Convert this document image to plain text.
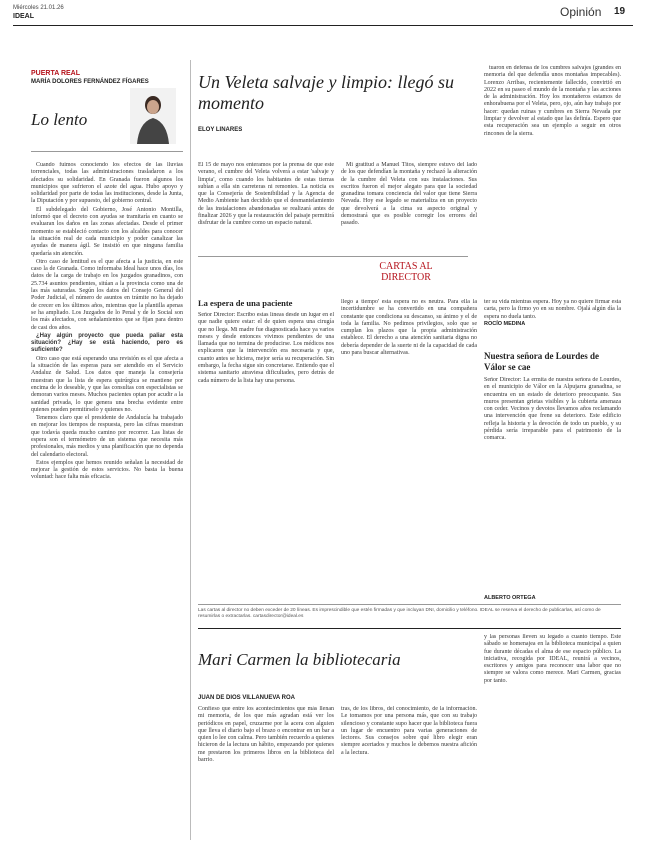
Miércoles 21.01.26
IDEAL	Opinión 19
PUERTA REAL
MARÍA DOLORES FERNÁNDEZ FÍGARES
Lo lento

Cuando fuimos conociendo los efectos de las lluvias torrenciales, todas las administraciones trasladaron a los afectados su solidaridad. En Granada fueron algunos los municipios que sufrieron el azote del agua. Hubo apoyo y solidaridad por parte de todas las instituciones, desde la Junta, la Diputación y por supuesto, del gobierno central.

El subdelegado del Gobierno, José Antonio Montilla, informó que el decreto con ayudas se tramitaría en cuanto se evaluaran los daños en las zonas afectadas. Desde el primer momento se estableció contacto con los alcaldes para conocer la situación real de cada municipio y poder canalizar las ayudas de manera ágil. Se insistió en que ninguna familia quedaría sin atención.

Otro caso de lentitud es el que afecta a la justicia, en este caso la de Granada. Como informaba Ideal hace unos días, los datos de la carga de trabajo en los juzgados granadinos, con 25.734 asuntos pendientes, sitúan a la provincia como una de las más saturadas. Según los datos del Consejo General del Poder Judicial, el número de asuntos en trámite no ha dejado de crecer en los últimos años, mientras que la plantilla apenas se ha ampliado. Los Juzgados de lo Penal y de lo Social son los más afectados, con señalamientos que se fijan para dentro de casi dos años.

¿Hay algún proyecto que pueda paliar esta situación? ¿Hay se está haciendo, pero es suficiente?

Otro caso que está esperando una revisión es el que afecta a la situación de las esperas para ser atendido en el Servicio Andaluz de Salud. Los datos que maneja la consejería muestran que la lista de espera quirúrgica se mantiene por encima de lo deseable, y que las consultas con especialistas se demoran varios meses. Muchos pacientes optan por acudir a la sanidad privada, lo que genera una brecha evidente entre quienes pueden permitírselo y quienes no.

Tenemos claro que el presidente de Andalucía ha trabajado en mejorar los tiempos de respuesta, pero las cifras muestran que todavía queda mucho camino por recorrer. Las listas de espera son el termómetro de un sistema que necesita más profesionales, más medios y una planificación que no dependa del calendario electoral.

Estos ejemplos que hemos reunido señalan la necesidad de mejorar la gestión de estos servicios. No basta la buena voluntad: hace falta más eficacia.

Un Veleta salvaje y limpio: llegó su momento
ELOY LINARES

El 15 de mayo nos enteramos por la prensa de que este verano, el cumbre del Veleta volverá a estar 'salvaje y limpia', como cuando los habitantes de estas tierras subían a ella sin carreteras ni remontes. La noticia es que la Consejería de Sostenibilidad y la Agencia de Medio Ambiente han decidido que el desmantelamiento de las instalaciones abandonadas se realizará antes de finalizar 2026 y que la restauración del paisaje permitirá disfrutar de la cumbre como un espacio natural.

Mi gratitud a Manuel Titos, siempre estuvo del lado de los que defendían la montaña y rechazó la alteración de la cumbre del Veleta con sus instalaciones. Sus escritos fueron el mejor alegato para que la sociedad granadina tomara conciencia del valor que tiene Sierra Nevada. Hoy ese legado se materializa en un proyecto que devolverá a la cima su aspecto original y demostrará que es posible corregir los errores del pasado.

tuaron en defensa de los cumbres salvajes (grandes en memoria del que defendía unos montañas impecables). Lorenzo Arribas, recientemente fallecido, convirtió en 2022 en su paseo el mundo de la montaña y las acciones de la administración. Hoy los montañeros estamos de enhorabuena por el Veleta, pero, ojo, aún hay trabajo por hacer: quedan ruinas y cumbres en Sierra Nevada por limpiar y devolver al estado que las definía. Espero que esta recuperación sea un ejemplo a seguir en otros rincones de la sierra.

CARTAS AL
DIRECTOR
La espera de una paciente

Señor Director: Escribo estas líneas desde un lugar en el que nadie quiere estar: el de quien espera una cirugía que no llega. Mi madre fue diagnosticada hace ya varios meses y desde entonces vivimos pendientes de una llamada que no termina de producirse. Los médicos nos explicaron que la intervención era necesaria y que, cuanto antes se hiciera, mejor sería su recuperación. Sin embargo, la fecha sigue sin concretarse. Entiendo que el sistema sanitario atraviesa dificultades, pero detrás de cada número de la lista hay una persona.

llego a tiempo' esta espera no es neutra. Para ella la incertidumbre se ha convertido en una compañera constante que condiciona su descanso, su ánimo y el de toda la familia. No pedimos privilegios, solo que se cumplan los plazos que la propia administración establece. El derecho a una atención sanitaria digna no debería depender de la suerte ni de la capacidad de cada uno para buscar alternativas.

ter su vida mientras espera. Hoy ya no quiere firmar esta carta, pero la firmo yo en su nombre. Ojalá algún día la espera no duela tanto.

ROCÍO MEDINA
Nuestra señora de Lourdes de Válor se cae

Señor Director: La ermita de nuestra señora de Lourdes, en el municipio de Válor en la Alpujarra granadina, se encuentra en un estado de deterioro preocupante. Sus muros presentan grietas visibles y la cubierta amenaza con ceder. Vecinos y devotos llevamos años reclamando una intervención que frene su deterioro. Este edificio refleja la historia y la devoción de todo un pueblo, y su pérdida sería irreparable para el patrimonio de la comarca.

ALBERTO ORTEGA
Las cartas al director no deben exceder de 20 líneas. Es imprescindible que estén firmadas y que incluyan DNI, domicilio y teléfono. IDEAL se reserva el derecho de publicarlas, así como de resumirlas o extractarlas. cartasdirector@ideal.es
Mari Carmen la bibliotecaria
JUAN DE DIOS VILLANUEVA ROA

Confieso que entre los acontecimientos que más llenan mi memoria, de los que más agradan está ver los periódicos en papel, cruzarme por la acera con alguien que lleva el diario bajo el brazo o encontrar en un bar a quien lo lee con calma. Pero también recuerdo a quienes hicieron de la lectura un hábito, empezando por quienes me prestaron los primeros libros en la biblioteca del barrio.

tras, de los libros, del conocimiento, de la información. Le tomamos por una persona más, que con su trabajo silencioso y constante supo hacer que la biblioteca fuera un lugar de encuentro para varias generaciones de lectores. Sus consejos sobre qué libro elegir eran siempre acertados y muchos le debemos nuestra afición a la lectura.

y las personas lleven su legado a cuanto tiempo. Este sábado se homenajea en la biblioteca municipal a quien fue durante décadas el alma de ese espacio público. La iniciativa, recogida por IDEAL, reunirá a vecinos, escritores y amigos para reconocer una labor que no siempre se valora como merece. Mari Carmen, gracias por tanto.
